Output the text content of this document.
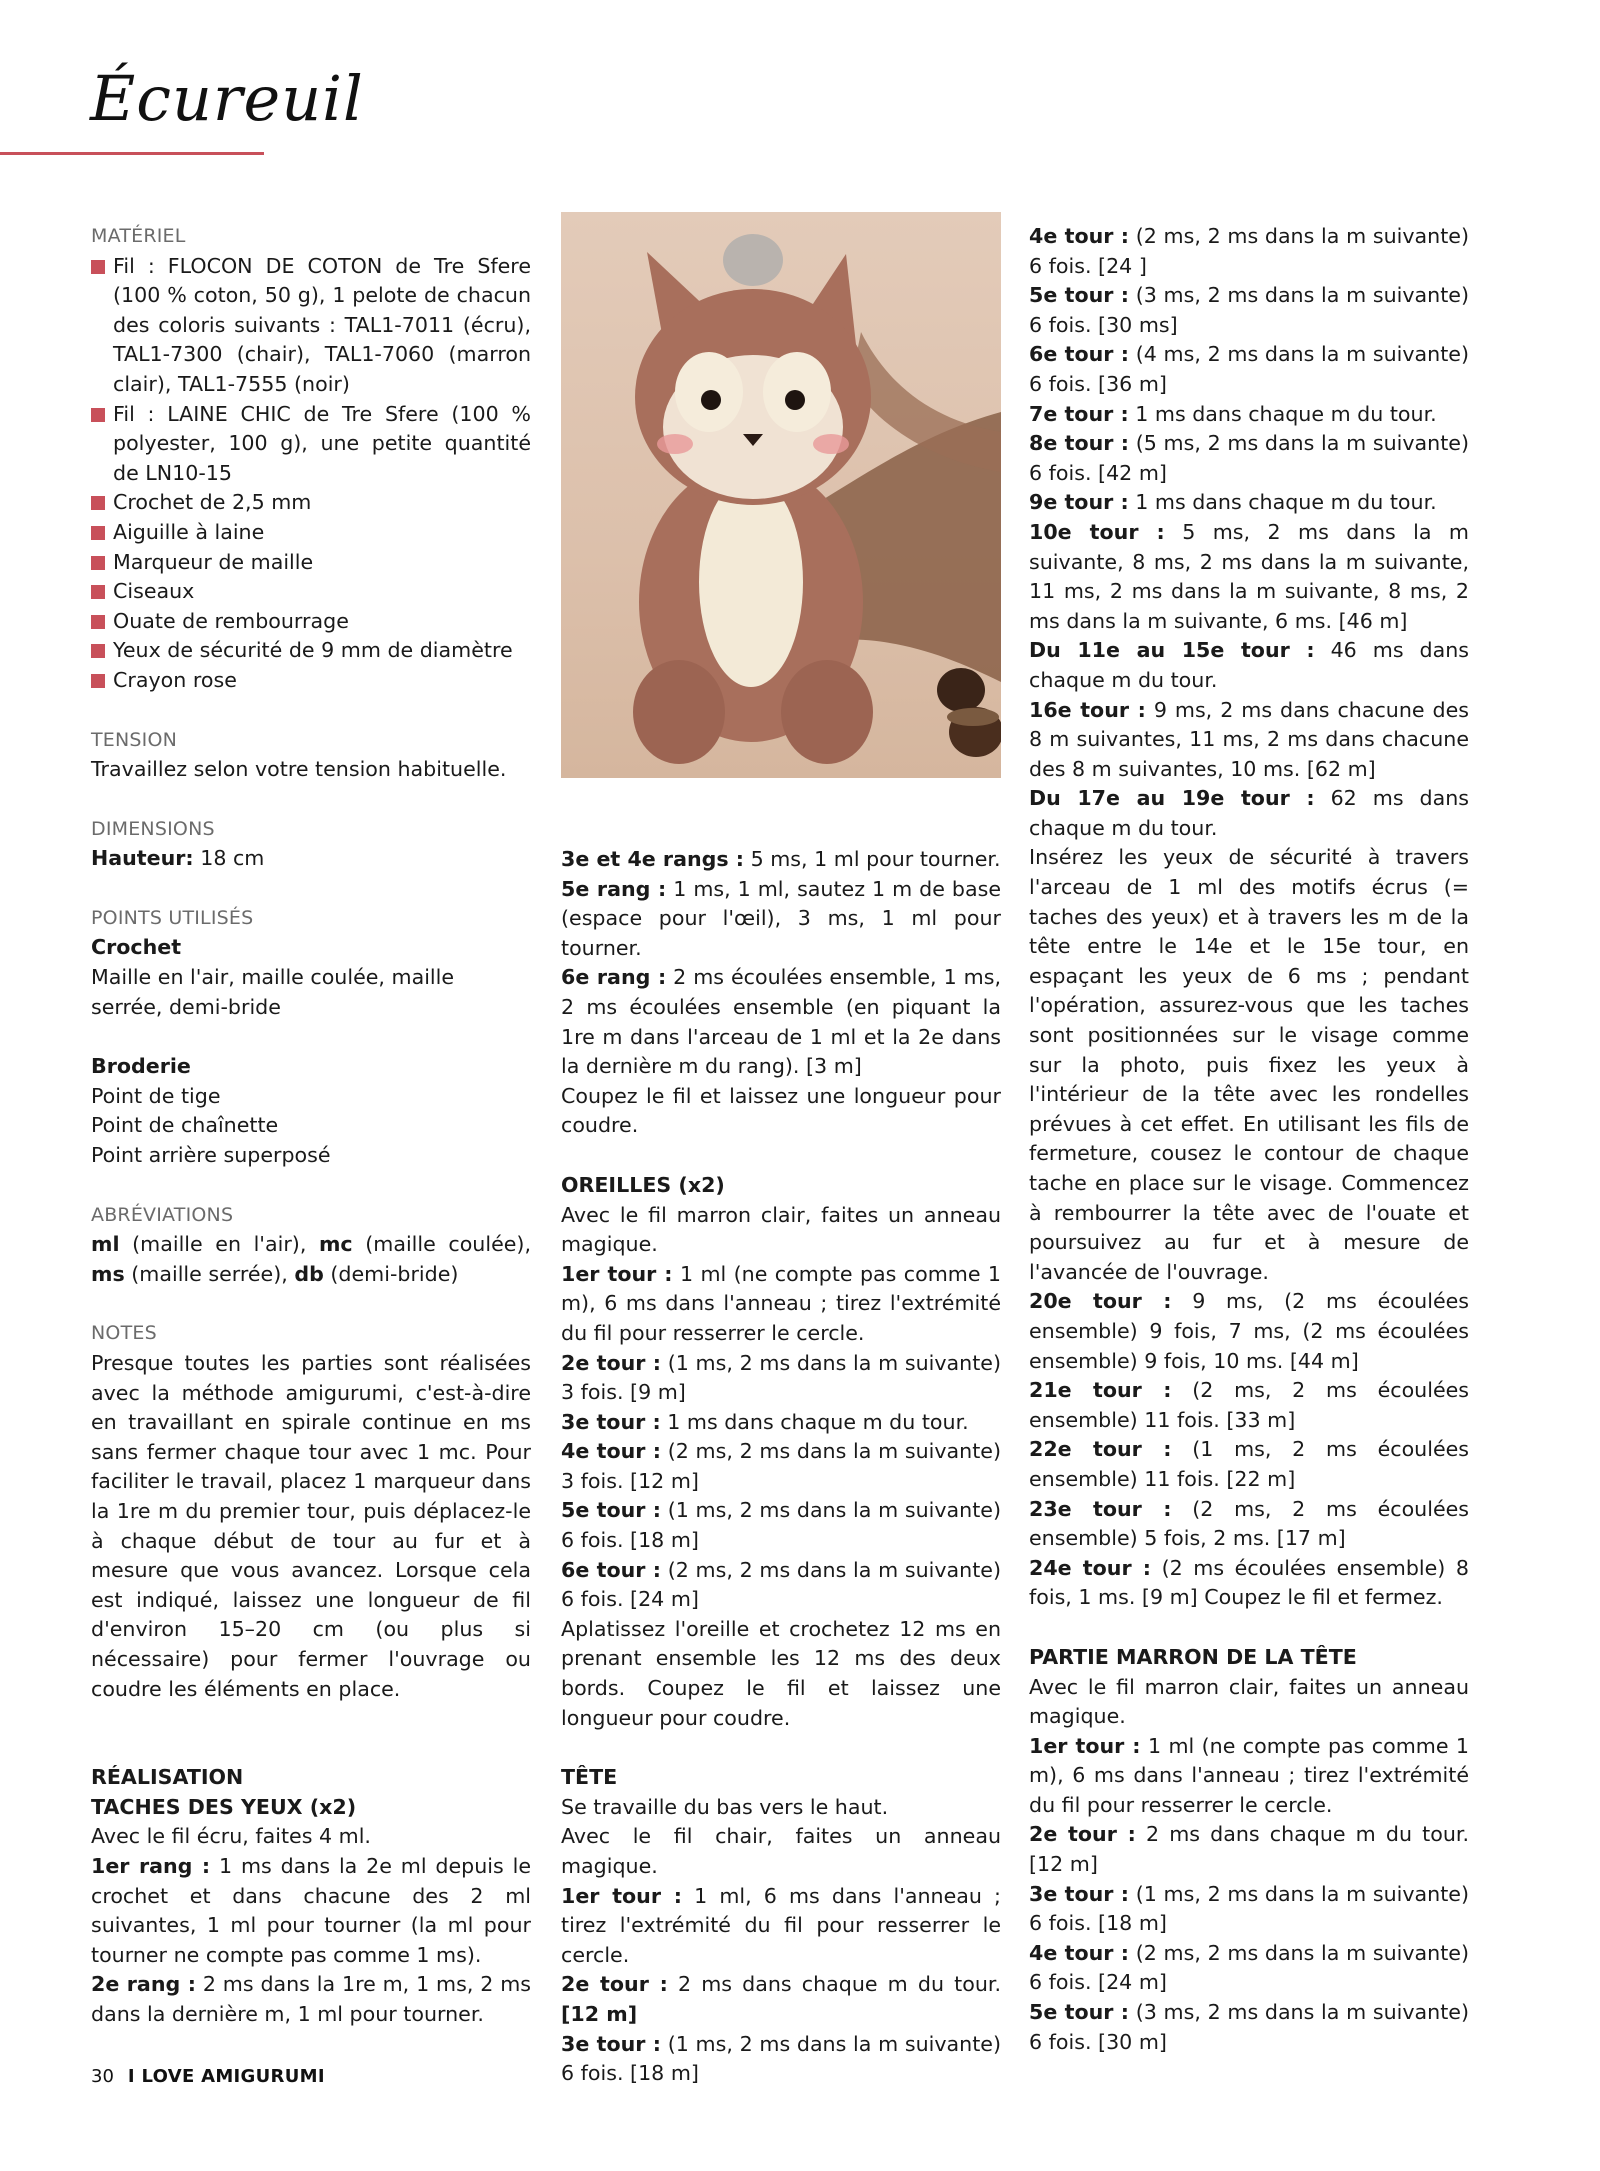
Écureuil

MATÉRIEL

Fil : FLOCON DE COTON de Tre Sfere (100 % coton, 50 g), 1 pelote de chacun des coloris suivants : TAL1-7011 (écru), TAL1-7300 (chair), TAL1-7060 (marron clair), TAL1-7555 (noir)

Fil : LAINE CHIC de Tre Sfere (100 % polyester, 100 g), une petite quantité de LN10-15

Crochet de 2,5 mm

Aiguille à laine

Marqueur de maille

Ciseaux

Ouate de rembourrage

Yeux de sécurité de 9 mm de diamètre

Crayon rose

TENSION

Travaillez selon votre tension habituelle.

DIMENSIONS

Hauteur: 18 cm

POINTS UTILISÉS

Crochet

Maille en l'air, maille coulée, maille serrée, demi-bride

Broderie

Point de tige

Point de chaînette

Point arrière superposé

ABRÉVIATIONS

ml (maille en l'air), mc (maille coulée), ms (maille serrée), db (demi-bride)

NOTES

Presque toutes les parties sont réalisées avec la méthode amigurumi, c'est-à-dire en travaillant en spirale continue en ms sans fermer chaque tour avec 1 mc. Pour faciliter le travail, placez 1 marqueur dans la 1re m du premier tour, puis déplacez-le à chaque début de tour au fur et à mesure que vous avancez. Lorsque cela est indiqué, laissez une longueur de fil d'environ 15–20 cm (ou plus si nécessaire) pour fermer l'ouvrage ou coudre les éléments en place.

RÉALISATION

TACHES DES YEUX (x2)

Avec le fil écru, faites 4 ml.

1er rang : 1 ms dans la 2e ml depuis le crochet et dans chacune des 2 ml suivantes, 1 ml pour tourner (la ml pour tourner ne compte pas comme 1 ms).

2e rang : 2 ms dans la 1re m, 1 ms, 2 ms dans la dernière m, 1 ml pour tourner.

3e et 4e rangs : 5 ms, 1 ml pour tourner.

5e rang : 1 ms, 1 ml, sautez 1 m de base (espace pour l'œil), 3 ms, 1 ml pour tourner.

6e rang : 2 ms écoulées ensemble, 1 ms, 2 ms écoulées ensemble (en piquant la 1re m dans l'arceau de 1 ml et la 2e dans la dernière m du rang). [3 m]

Coupez le fil et laissez une longueur pour coudre.

OREILLES (x2)

Avec le fil marron clair, faites un anneau magique.

1er tour : 1 ml (ne compte pas comme 1 m), 6 ms dans l'anneau ; tirez l'extrémité du fil pour resserrer le cercle.

2e tour : (1 ms, 2 ms dans la m suivante) 3 fois. [9 m]

3e tour : 1 ms dans chaque m du tour.

4e tour : (2 ms, 2 ms dans la m suivante) 3 fois. [12 m]

5e tour : (1 ms, 2 ms dans la m suivante) 6 fois. [18 m]

6e tour : (2 ms, 2 ms dans la m suivante) 6 fois. [24 m]

Aplatissez l'oreille et crochetez 12 ms en prenant ensemble les 12 ms des deux bords. Coupez le fil et laissez une longueur pour coudre.

TÊTE

Se travaille du bas vers le haut.

Avec le fil chair, faites un anneau magique.

1er tour : 1 ml, 6 ms dans l'anneau ; tirez l'extrémité du fil pour resserrer le cercle.

2e tour : 2 ms dans chaque m du tour. [12 m]

3e tour : (1 ms, 2 ms dans la m suivante) 6 fois. [18 m]

4e tour : (2 ms, 2 ms dans la m suivante) 6 fois. [24 ]

5e tour : (3 ms, 2 ms dans la m suivante) 6 fois. [30 ms]

6e tour : (4 ms, 2 ms dans la m suivante) 6 fois. [36 m]

7e tour : 1 ms dans chaque m du tour.

8e tour : (5 ms, 2 ms dans la m suivante) 6 fois. [42 m]

9e tour : 1 ms dans chaque m du tour.

10e tour : 5 ms, 2 ms dans la m suivante, 8 ms, 2 ms dans la m suivante, 11 ms, 2 ms dans la m suivante, 8 ms, 2 ms dans la m suivante, 6 ms. [46 m]

Du 11e au 15e tour : 46 ms dans chaque m du tour.

16e tour : 9 ms, 2 ms dans chacune des 8 m suivantes, 11 ms, 2 ms dans chacune des 8 m suivantes, 10 ms. [62 m]

Du 17e au 19e tour : 62 ms dans chaque m du tour.

Insérez les yeux de sécurité à travers l'arceau de 1 ml des motifs écrus (= taches des yeux) et à travers les m de la tête entre le 14e et le 15e tour, en espaçant les yeux de 6 ms ; pendant l'opération, assurez-vous que les taches sont positionnées sur le visage comme sur la photo, puis fixez les yeux à l'intérieur de la tête avec les rondelles prévues à cet effet. En utilisant les fils de fermeture, cousez le contour de chaque tache en place sur le visage. Commencez à rembourrer la tête avec de l'ouate et poursuivez au fur et à mesure de l'avancée de l'ouvrage.

20e tour : 9 ms, (2 ms écoulées ensemble) 9 fois, 7 ms, (2 ms écoulées ensemble) 9 fois, 10 ms. [44 m]

21e tour : (2 ms, 2 ms écoulées ensemble) 11 fois. [33 m]

22e tour : (1 ms, 2 ms écoulées ensemble) 11 fois. [22 m]

23e tour : (2 ms, 2 ms écoulées ensemble) 5 fois, 2 ms. [17 m]

24e tour : (2 ms écoulées ensemble) 8 fois, 1 ms. [9 m] Coupez le fil et fermez.

PARTIE MARRON DE LA TÊTE

Avec le fil marron clair, faites un anneau magique.

1er tour : 1 ml (ne compte pas comme 1 m), 6 ms dans l'anneau ; tirez l'extrémité du fil pour resserrer le cercle.

2e tour : 2 ms dans chaque m du tour. [12 m]

3e tour : (1 ms, 2 ms dans la m suivante) 6 fois. [18 m]

4e tour : (2 ms, 2 ms dans la m suivante) 6 fois. [24 m]

5e tour : (3 ms, 2 ms dans la m suivante) 6 fois. [30 m]

30 I LOVE AMIGURUMI
